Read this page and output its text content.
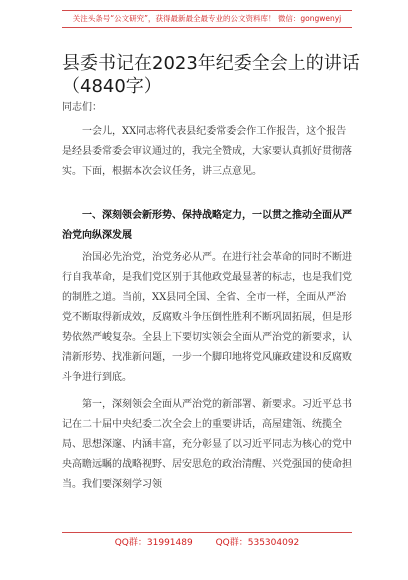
关注头条号“公文研究”，获得最新最全最专业的公文资料库！ 微信：gongwenyj
县委书记在2023年纪委全会上的讲话
（4840字）
同志们：
一会儿，XX同志将代表县纪委常委会作工作报告，这个报告是经县委常委会审议通过的，我完全赞成，大家要认真抓好贯彻落实。下面，根据本次会议任务，讲三点意见。
一、深刻领会新形势、保持战略定力，一以贯之推动全面从严治党向纵深发展
治国必先治党，治党务必从严。在进行社会革命的同时不断进行自我革命，是我们党区别于其他政党最显著的标志，也是我们党的制胜之道。当前，XX县同全国、全省、全市一样，全面从严治党不断取得新成效，反腐败斗争压倒性胜利不断巩固拓展，但是形势依然严峻复杂。全县上下要切实领会全面从严治党的新要求，认清新形势、找准新问题，一步一个脚印地将党风廉政建设和反腐败斗争进行到底。
第一，深刻领会全面从严治党的新部署、新要求。习近平总书记在二十届中央纪委二次全会上的重要讲话，高屋建瓴、统揽全局、思想深邃、内涵丰富，充分彰显了以习近平同志为核心的党中央高瞻远瞩的战略视野、居安思危的政治清醒、兴党强国的使命担当。我们要深刻学习领
QQ群：31991489	QQ群：535304092
